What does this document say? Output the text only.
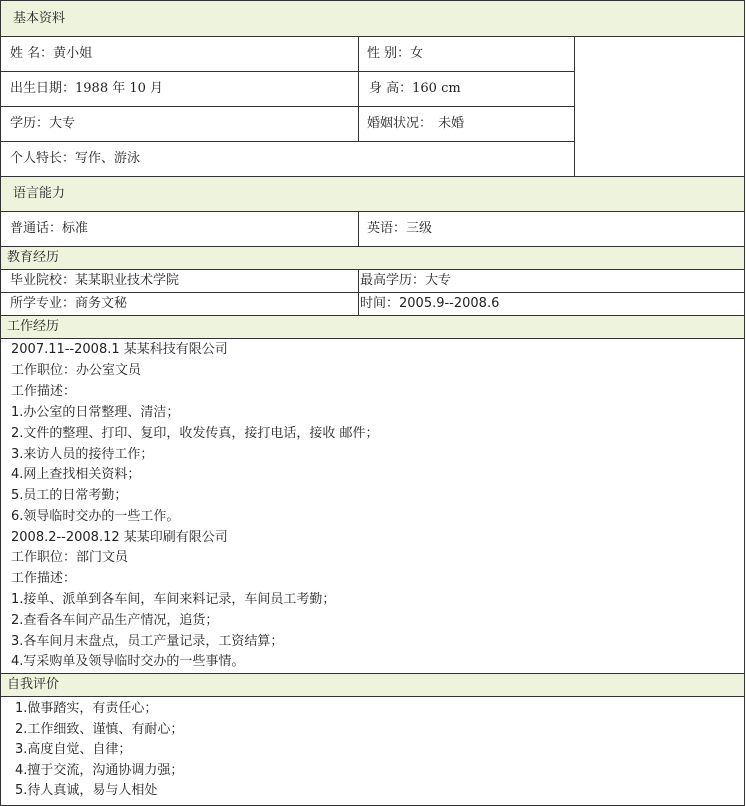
基本资料
姓 名：黄小姐	性 别：女
出生日期：1988 年 10 月	身 高：160 cm
学历：大专	婚姻状况： 未婚
个人特长：写作、游泳
语言能力
普通话：标准	英语：三级
教育经历
毕业院校：某某职业技术学院	最高学历：大专
所学专业：商务文秘	时间：2005.9--2008.6
工作经历
2007.11--2008.1 某某科技有限公司
工作职位：办公室文员
工作描述：
1.办公室的日常整理、清洁；
2.文件的整理、打印、复印，收发传真，接打电话，接收 邮件；
3.来访人员的接待工作；
4.网上查找相关资料；
5.员工的日常考勤；
6.领导临时交办的一些工作。
2008.2--2008.12 某某印刷有限公司
工作职位：部门文员
工作描述：
1.接单、派单到各车间，车间来料记录，车间员工考勤；
2.查看各车间产品生产情况，追货；
3.各车间月末盘点，员工产量记录，工资结算；
4.写采购单及领导临时交办的一些事情。
自我评价
1.做事踏实，有责任心；
2.工作细致、谨慎、有耐心；
3.高度自觉、自律；
4.擅于交流，沟通协调力强；
5.待人真诚，易与人相处
